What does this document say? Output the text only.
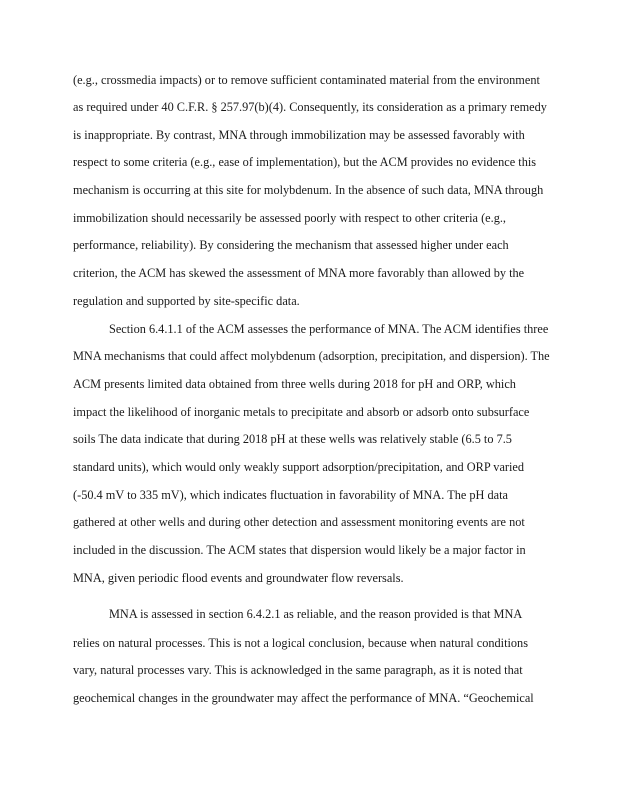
(e.g., crossmedia impacts) or to remove sufficient contaminated material from the environment
as required under 40 C.F.R. § 257.97(b)(4). Consequently, its consideration as a primary remedy
is inappropriate. By contrast, MNA through immobilization may be assessed favorably with
respect to some criteria (e.g., ease of implementation), but the ACM provides no evidence this
mechanism is occurring at this site for molybdenum. In the absence of such data, MNA through
immobilization should necessarily be assessed poorly with respect to other criteria (e.g.,
performance, reliability). By considering the mechanism that assessed higher under each
criterion, the ACM has skewed the assessment of MNA more favorably than allowed by the
regulation and supported by site-specific data.
Section 6.4.1.1 of the ACM assesses the performance of MNA. The ACM identifies three
MNA mechanisms that could affect molybdenum (adsorption, precipitation, and dispersion). The
ACM presents limited data obtained from three wells during 2018 for pH and ORP, which
impact the likelihood of inorganic metals to precipitate and absorb or adsorb onto subsurface
soils The data indicate that during 2018 pH at these wells was relatively stable (6.5 to 7.5
standard units), which would only weakly support adsorption/precipitation, and ORP varied
(-50.4 mV to 335 mV), which indicates fluctuation in favorability of MNA. The pH data
gathered at other wells and during other detection and assessment monitoring events are not
included in the discussion. The ACM states that dispersion would likely be a major factor in
MNA, given periodic flood events and groundwater flow reversals.
MNA is assessed in section 6.4.2.1 as reliable, and the reason provided is that MNA
relies on natural processes. This is not a logical conclusion, because when natural conditions
vary, natural processes vary. This is acknowledged in the same paragraph, as it is noted that
geochemical changes in the groundwater may affect the performance of MNA. “Geochemical
